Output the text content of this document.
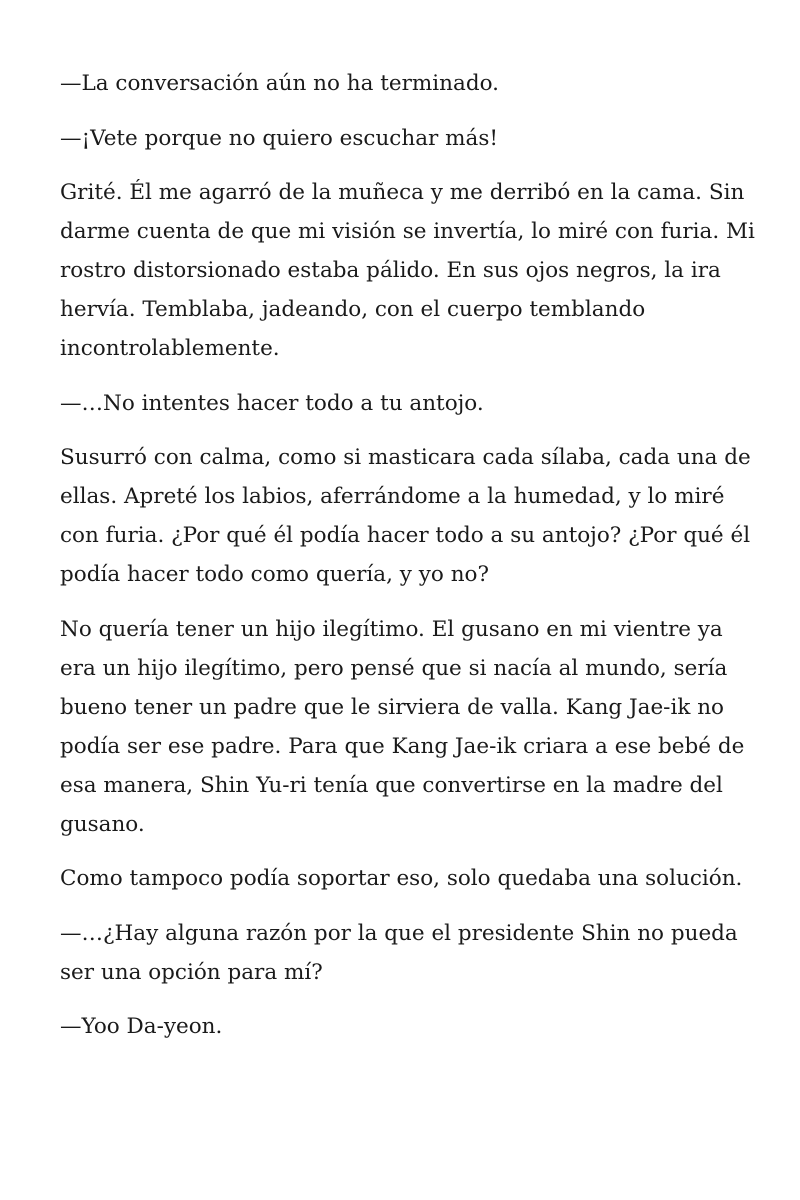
—La conversación aún no ha terminado.

—¡Vete porque no quiero escuchar más!

Grité. Él me agarró de la muñeca y me derribó en la cama. Sin darme cuenta de que mi visión se invertía, lo miré con furia. Mi rostro distorsionado estaba pálido. En sus ojos negros, la ira hervía. Temblaba, jadeando, con el cuerpo temblando incontrolablemente.

—…No intentes hacer todo a tu antojo.

Susurró con calma, como si masticara cada sílaba, cada una de ellas. Apreté los labios, aferrándome a la humedad, y lo miré con furia. ¿Por qué él podía hacer todo a su antojo? ¿Por qué él podía hacer todo como quería, y yo no?

No quería tener un hijo ilegítimo. El gusano en mi vientre ya era un hijo ilegítimo, pero pensé que si nacía al mundo, sería bueno tener un padre que le sirviera de valla. Kang Jae-ik no podía ser ese padre. Para que Kang Jae-ik criara a ese bebé de esa manera, Shin Yu-ri tenía que convertirse en la madre del gusano.

Como tampoco podía soportar eso, solo quedaba una solución.

—…¿Hay alguna razón por la que el presidente Shin no pueda ser una opción para mí?

—Yoo Da-yeon.
